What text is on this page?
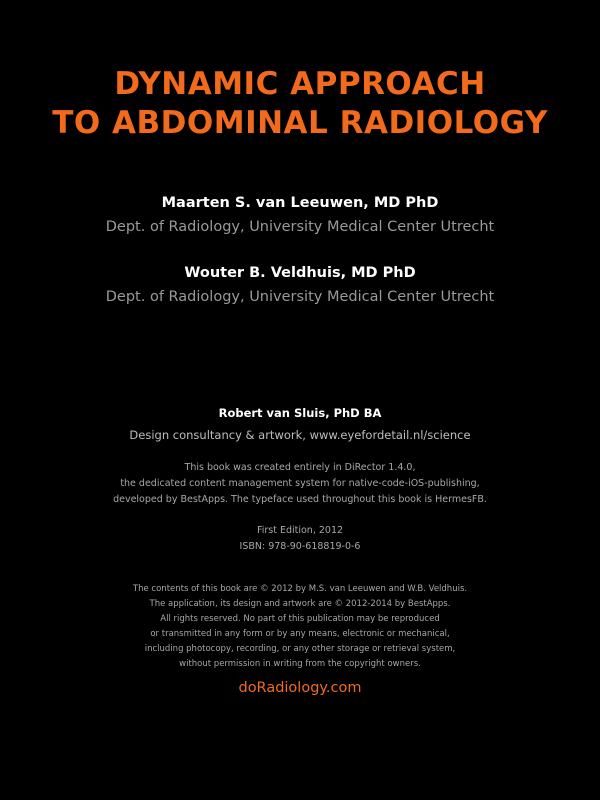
DYNAMIC APPROACH
TO ABDOMINAL RADIOLOGY
Maarten S. van Leeuwen, MD PhD
Dept. of Radiology, University Medical Center Utrecht
Wouter B. Veldhuis, MD PhD
Dept. of Radiology, University Medical Center Utrecht
Robert van Sluis, PhD BA
Design consultancy & artwork, www.eyefordetail.nl/science
This book was created entirely in DiRector 1.4.0,
the dedicated content management system for native-code-iOS-publishing,
developed by BestApps. The typeface used throughout this book is HermesFB.
First Edition, 2012
ISBN: 978-90-618819-0-6
The contents of this book are © 2012 by M.S. van Leeuwen and W.B. Veldhuis.
The application, its design and artwork are © 2012-2014 by BestApps.
All rights reserved. No part of this publication may be reproduced
or transmitted in any form or by any means, electronic or mechanical,
including photocopy, recording, or any other storage or retrieval system,
without permission in writing from the copyright owners.
doRadiology.com
